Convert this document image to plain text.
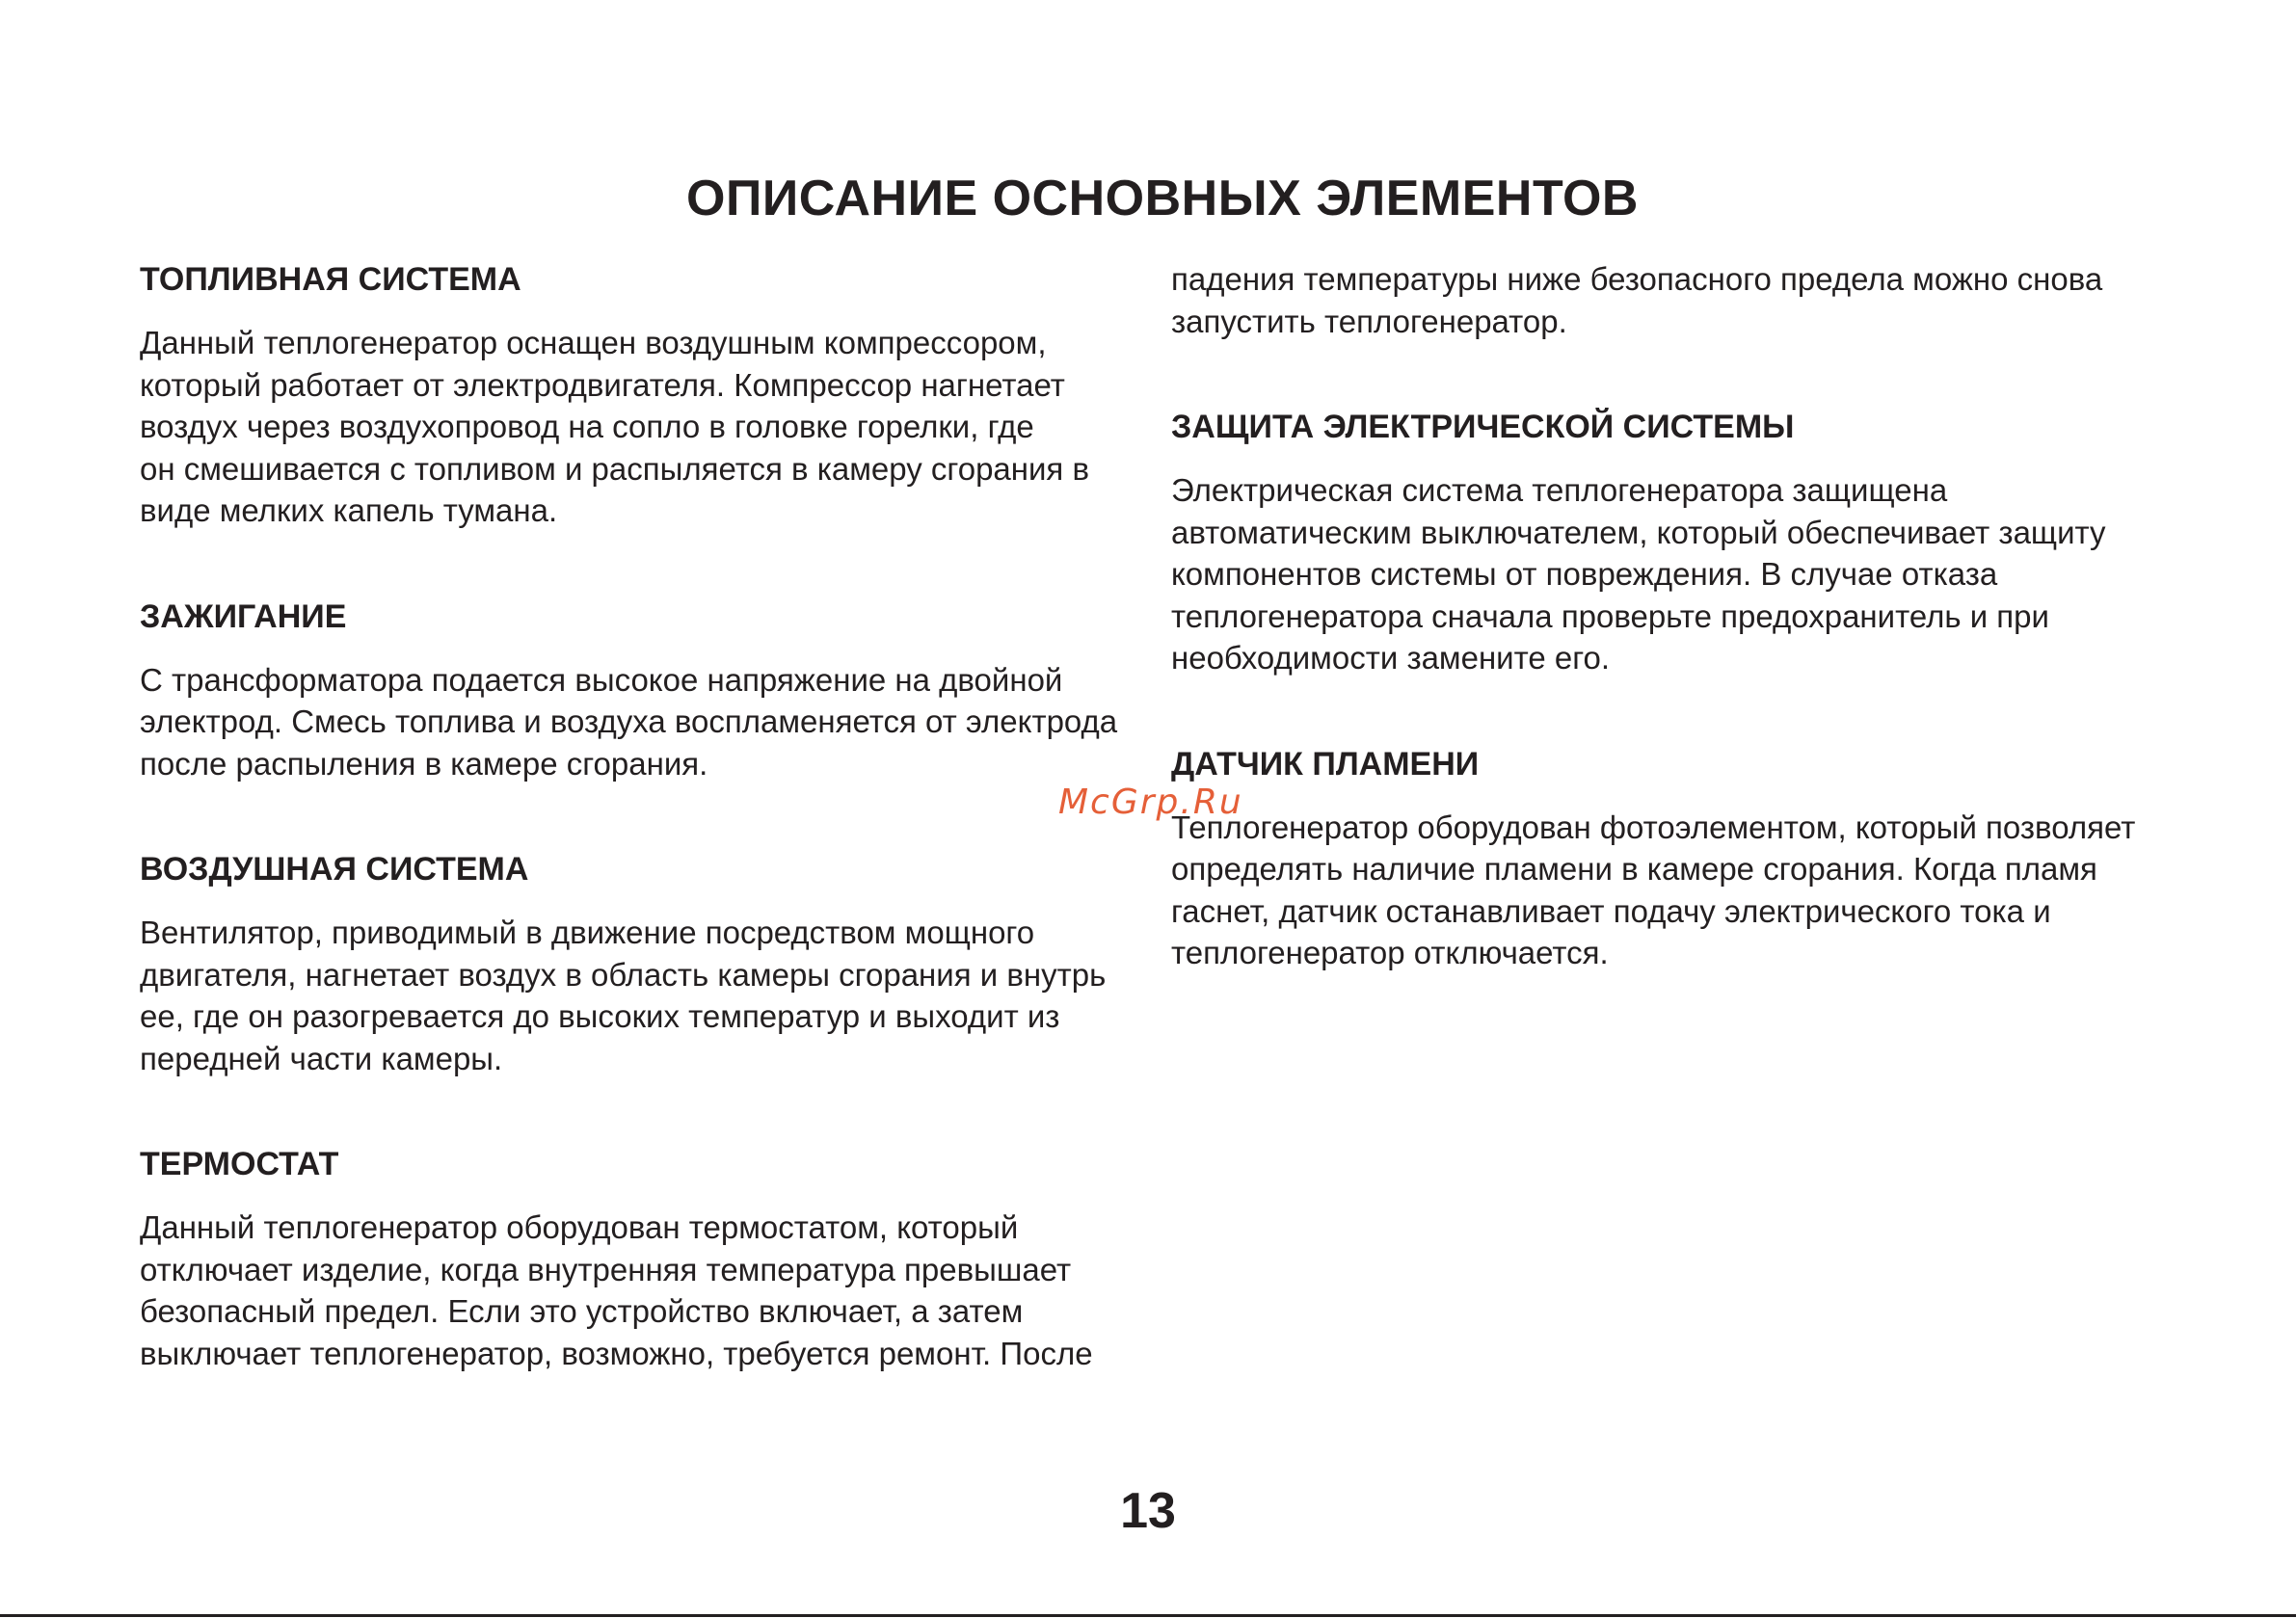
ОПИСАНИЕ ОСНОВНЫХ ЭЛЕМЕНТОВ
ТОПЛИВНАЯ СИСТЕМА

Данный теплогенератор оснащен воздушным компрессором,
который работает от электродвигателя. Компрессор нагнетает
воздух через воздухопровод на сопло в головке горелки, где
он смешивается с топливом и распыляется в камеру сгорания в
виде мелких капель тумана.

ЗАЖИГАНИЕ

С трансформатора подается высокое напряжение на двойной
электрод. Смесь топлива и воздуха воспламеняется от электрода
после распыления в камере сгорания.

ВОЗДУШНАЯ СИСТЕМА

Вентилятор, приводимый в движение посредством мощного
двигателя, нагнетает воздух в область камеры сгорания и внутрь
ее, где он разогревается до высоких температур и выходит из
передней части камеры.

ТЕРМОСТАТ

Данный теплогенератор оборудован термостатом, который
отключает изделие, когда внутренняя температура превышает
безопасный предел. Если это устройство включает, а затем
выключает теплогенератор, возможно, требуется ремонт. После

падения температуры ниже безопасного предела можно снова
запустить теплогенератор.

ЗАЩИТА ЭЛЕКТРИЧЕСКОЙ СИСТЕМЫ

Электрическая система теплогенератора защищена
автоматическим выключателем, который обеспечивает защиту
компонентов системы от повреждения. В случае отказа
теплогенератора сначала проверьте предохранитель и при
необходимости замените его.

ДАТЧИК ПЛАМЕНИ

Теплогенератор оборудован фотоэлементом, который позволяет
определять наличие пламени в камере сгорания. Когда пламя
гаснет, датчик останавливает подачу электрического тока и
теплогенератор отключается.

McGrp.Ru

13
